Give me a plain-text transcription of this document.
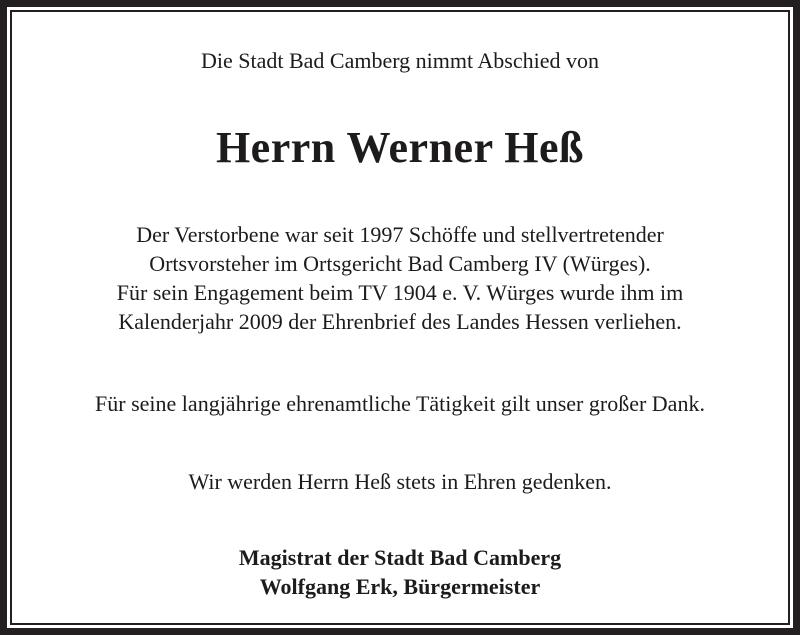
Die Stadt Bad Camberg nimmt Abschied von
Herrn Werner Heß
Der Verstorbene war seit 1997 Schöffe und stellvertretender
Ortsvorsteher im Ortsgericht Bad Camberg IV (Würges).
Für sein Engagement beim TV 1904 e. V. Würges wurde ihm im
Kalenderjahr 2009 der Ehrenbrief des Landes Hessen verliehen.
Für seine langjährige ehrenamtliche Tätigkeit gilt unser großer Dank.
Wir werden Herrn Heß stets in Ehren gedenken.
Magistrat der Stadt Bad Camberg
Wolfgang Erk, Bürgermeister
